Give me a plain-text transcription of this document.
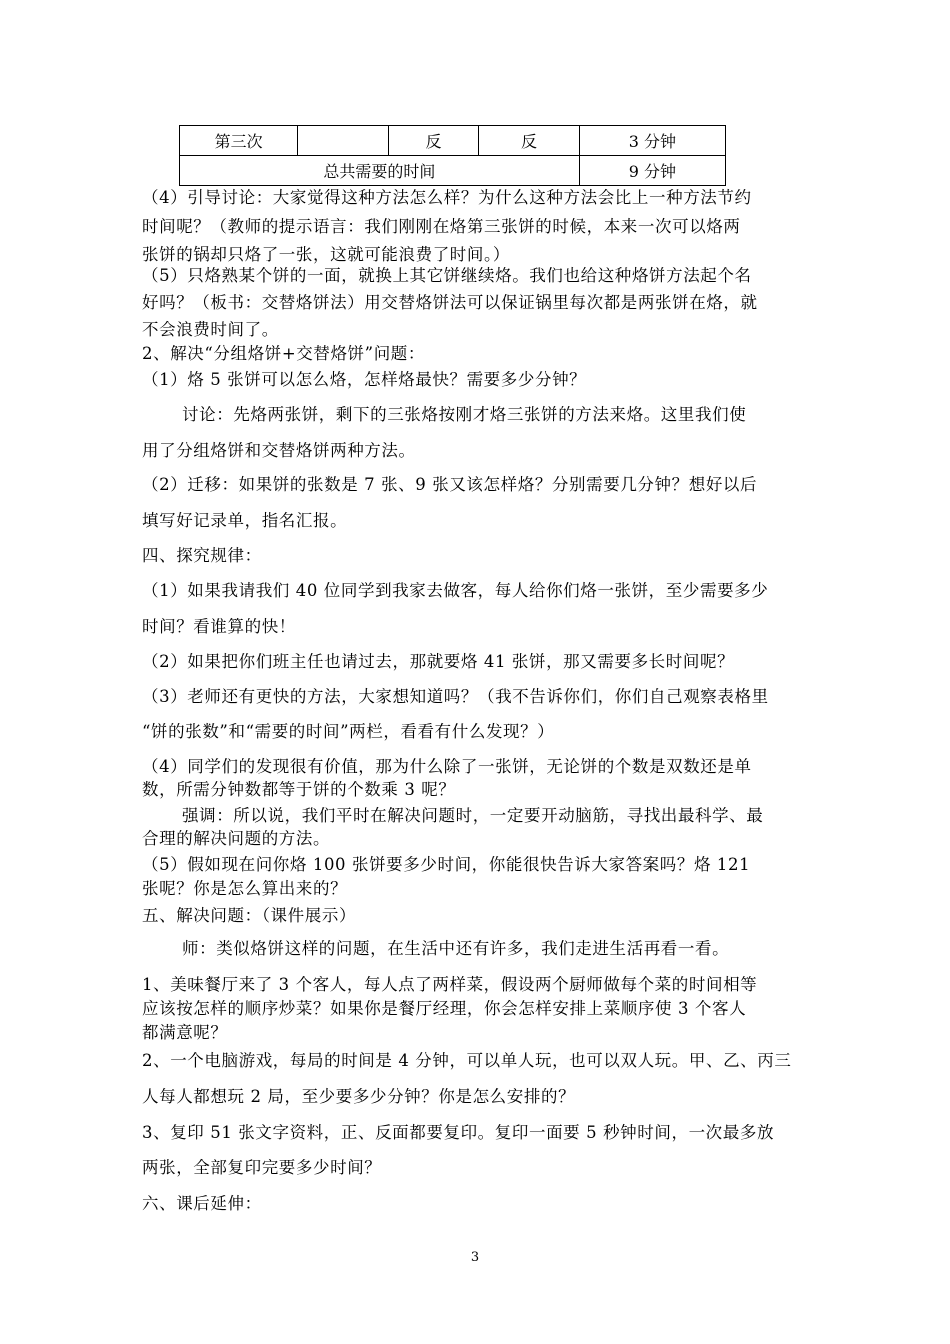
第三次		反	反	3 分钟
总共需要的时间				9 分钟
（4）引导讨论：大家觉得这种方法怎么样？为什么这种方法会比上一种方法节约
时间呢？（教师的提示语言：我们刚刚在烙第三张饼的时候，本来一次可以烙两
张饼的锅却只烙了一张，这就可能浪费了时间。）
（5）只烙熟某个饼的一面，就换上其它饼继续烙。我们也给这种烙饼方法起个名
好吗？（板书：交替烙饼法）用交替烙饼法可以保证锅里每次都是两张饼在烙，就
不会浪费时间了。
2、解决“分组烙饼+交替烙饼”问题：
（1）烙 5 张饼可以怎么烙，怎样烙最快？需要多少分钟？
讨论：先烙两张饼，剩下的三张烙按刚才烙三张饼的方法来烙。这里我们使
用了分组烙饼和交替烙饼两种方法。
（2）迁移：如果饼的张数是 7 张、9 张又该怎样烙？分别需要几分钟？想好以后
填写好记录单，指名汇报。
四、探究规律：
（1）如果我请我们 40 位同学到我家去做客，每人给你们烙一张饼，至少需要多少
时间？看谁算的快！
（2）如果把你们班主任也请过去，那就要烙 41 张饼，那又需要多长时间呢？
（3）老师还有更快的方法，大家想知道吗？（我不告诉你们，你们自己观察表格里
“饼的张数”和“需要的时间”两栏，看看有什么发现？）
（4）同学们的发现很有价值，那为什么除了一张饼，无论饼的个数是双数还是单
数，所需分钟数都等于饼的个数乘 3 呢？
强调：所以说，我们平时在解决问题时，一定要开动脑筋，寻找出最科学、最
合理的解决问题的方法。
（5）假如现在问你烙 100 张饼要多少时间，你能很快告诉大家答案吗？烙 121
张呢？你是怎么算出来的？
五、解决问题：（课件展示）
师：类似烙饼这样的问题，在生活中还有许多，我们走进生活再看一看。
1、美味餐厅来了 3 个客人，每人点了两样菜，假设两个厨师做每个菜的时间相等
应该按怎样的顺序炒菜？如果你是餐厅经理，你会怎样安排上菜顺序使 3 个客人
都满意呢？
2、一个电脑游戏，每局的时间是 4 分钟，可以单人玩，也可以双人玩。甲、乙、丙三
人每人都想玩 2 局，至少要多少分钟？你是怎么安排的？
3、复印 51 张文字资料，正、反面都要复印。复印一面要 5 秒钟时间，一次最多放
两张，全部复印完要多少时间？
六、课后延伸：
3
